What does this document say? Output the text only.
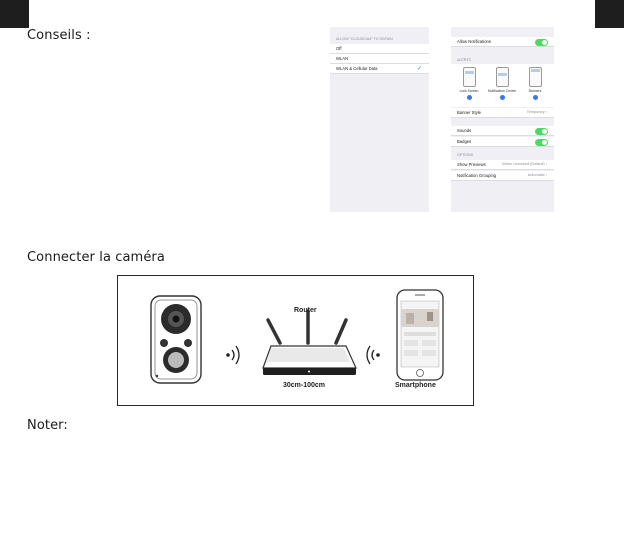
Conseils :	ALLOW "CLOUDCAM" TO OBTAIN
Off
WLAN
WLAN & Cellular Data	✓
Allow Notifications
ALERTS
Lock Screen	Notification Centre	Banners
Banner Style	Temporary ›
Sounds
Badges
OPTIONS
Show Previews	When Unlocked (Default) ›
Notification Grouping	Automatic ›
Connecter la caméra
Router
30cm-100cm	Smartphone
Noter:
